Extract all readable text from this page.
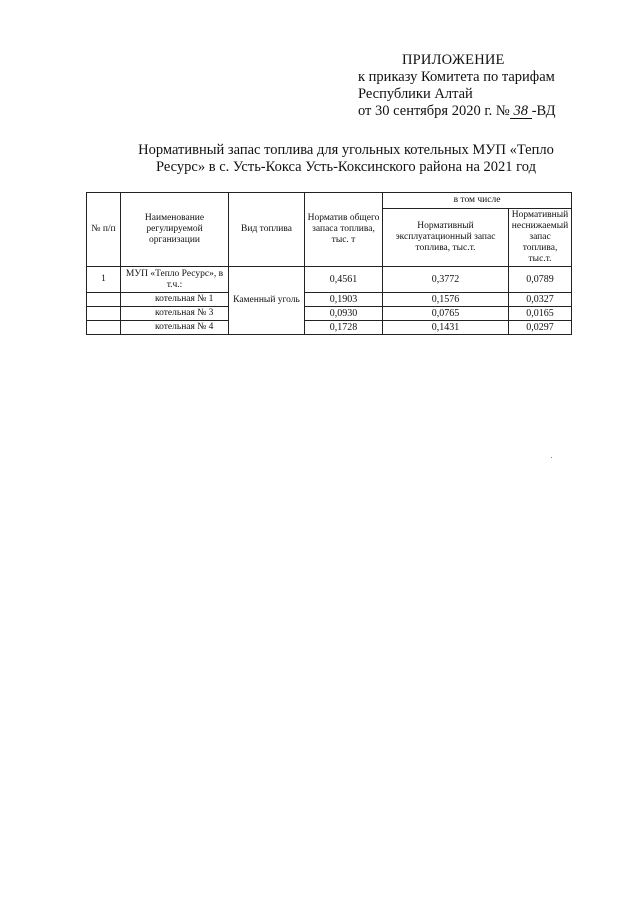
ПРИЛОЖЕНИЕ
к приказу Комитета по тарифам
Республики Алтай
от 30 сентября 2020 г. № 38 -ВД
Нормативный запас топлива для угольных котельных МУП «Тепло
Ресурс» в с. Усть-Кокса Усть-Коксинского района на 2021 год
№ п/п	Наименование регулируемой организации	Вид топлива	Норматив общего запаса топлива, тыс. т	в том числе	
				Нормативный эксплуатационный запас топлива, тыс.т.	Нормативный неснижаемый запас топлива, тыс.т.
1	МУП «Тепло Ресурс», в т.ч.:	Каменный уголь	0,4561	0,3772	0,0789
	котельная № 1		0,1903	0,1576	0,0327
	котельная № 3		0,0930	0,0765	0,0165
	котельная № 4		0,1728	0,1431	0,0297
